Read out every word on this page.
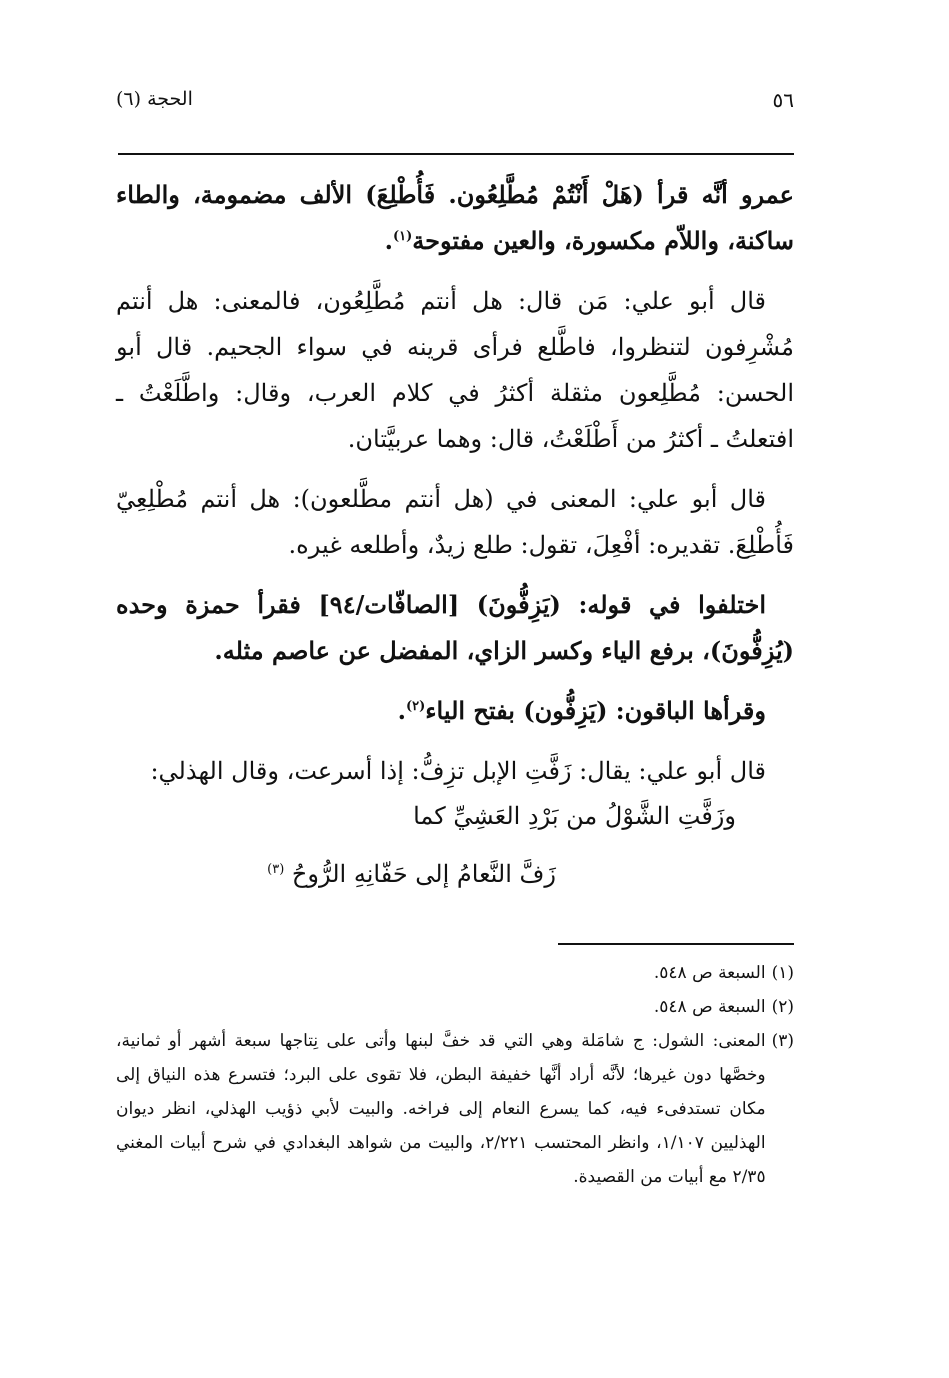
٥٦
الحجة (٦)

عمرو أنَّه قرأ (هَلْ أَنْتُمْ مُطَّلِعُون. فَأُطْلِعَ) الألف مضمومة، والطاء ساكنة، واللاّم مكسورة، والعين مفتوحة$^{(١)}$.

قال أبو علي: مَن قال: هل أنتم مُطَّلِعُون، فالمعنى: هل أنتم مُشْرِفون لتنظروا، فاطَّلع فرأى قرينه في سواء الجحيم. قال أبو الحسن: مُطَّلِعون مثقلة أكثرُ في كلام العرب، وقال: واطَّلَعْتُ ـ افتعلتُ ـ أكثرُ من أَطْلَعْتُ، قال: وهما عربيَّتان.

قال أبو علي: المعنى في (هل أنتم مطَّلعون): هل أنتم مُطْلِعِيّ فَأُطْلِعَ. تقديره: أفْعِلَ، تقول: طلع زيدٌ، وأطلعه غيره.

اختلفوا في قوله: (يَزِفُّونَ) [الصافّات/٩٤] فقرأ حمزة وحده (يُزِفُّونَ)، برفع الياء وكسر الزاي، المفضل عن عاصم مثله.

وقرأها الباقون: (يَزِفُّون) بفتح الياء$^{(٢)}$.

قال أبو علي: يقال: زَفَّتِ الإبل تزِفُّ: إذا أسرعت، وقال الهذلي:

وزَفَّتِ الشَّوْلُ من بَرْدِ العَشِيِّ كما

زَفَّ النَّعامُ إلى حَفّانِهِ الرُّوحُ $^{(٣)}$

(١)
السبعة ص ٥٤٨.

(٢)
السبعة ص ٥٤٨.

(٣)
المعنى: الشول: ج شامَلة وهي التي قد خفَّ لبنها وأتى على نِتاجها سبعة أشهر أو ثمانية، وخصَّها دون غيرها؛ لأنَّه أراد أنَّها خفيفة البطن، فلا تقوى على البرد؛ فتسرع هذه النياق إلى مكان تستدفىء فيه، كما يسرع النعام إلى فراخه. والبيت لأبي ذؤيب الهذلي، انظر ديوان الهذليين ١/١٠٧، وانظر المحتسب ٢/٢٢١، والبيت من شواهد البغدادي في شرح أبيات المغني ٢/٣٥ مع أبيات من القصيدة.
